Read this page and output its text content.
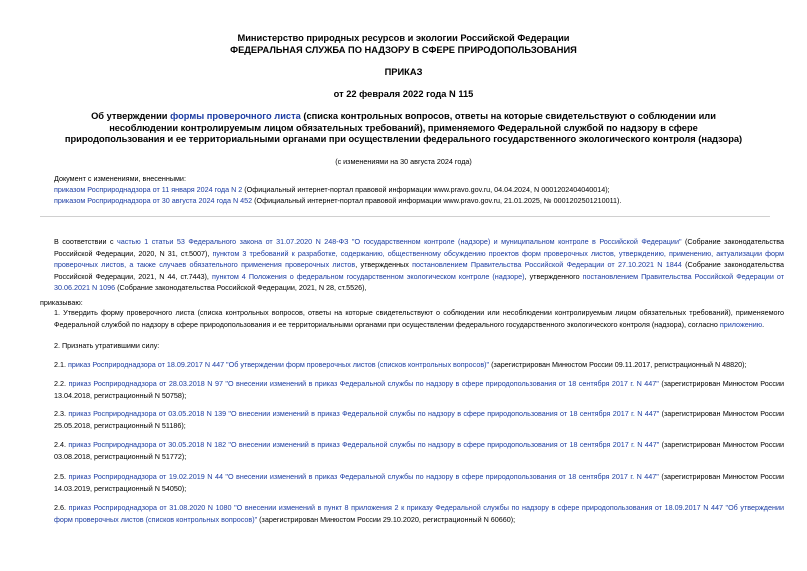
Министерство природных ресурсов и экологии Российской Федерации
ФЕДЕРАЛЬНАЯ СЛУЖБА ПО НАДЗОРУ В СФЕРЕ ПРИРОДОПОЛЬЗОВАНИЯ
ПРИКАЗ
от 22 февраля 2022 года N 115
Об утверждении формы проверочного листа (списка контрольных вопросов, ответы на которые свидетельствуют о соблюдении или несоблюдении контролируемым лицом обязательных требований), применяемого Федеральной службой по надзору в сфере природопользования и ее территориальными органами при осуществлении федерального государственного экологического контроля (надзора)
(с изменениями на 30 августа 2024 года)
Документ с изменениями, внесенными:
приказом Росприроднадзора от 11 января 2024 года N 2 (Официальный интернет-портал правовой информации www.pravo.gov.ru, 04.04.2024, N 0001202404040014);
приказом Росприроднадзора от 30 августа 2024 года N 452 (Официальный интернет-портал правовой информации www.pravo.gov.ru, 21.01.2025, № 0001202501210011).
В соответствии с частью 1 статьи 53 Федерального закона от 31.07.2020 N 248-ФЗ "О государственном контроле (надзоре) и муниципальном контроле в Российской Федерации" (Собрание законодательства Российской Федерации, 2020, N 31, ст.5007), пунктом 3 требований к разработке, содержанию, общественному обсуждению проектов форм проверочных листов, утверждению, применению, актуализации форм проверочных листов, а также случаев обязательного применения проверочных листов, утвержденных постановлением Правительства Российской Федерации от 27.10.2021 N 1844 (Собрание законодательства Российской Федерации, 2021, N 44, ст.7443), пунктом 4 Положения о федеральном государственном экологическом контроле (надзоре), утвержденного постановлением Правительства Российской Федерации от 30.06.2021 N 1096 (Собрание законодательства Российской Федерации, 2021, N 28, ст.5526),
приказываю:
1. Утвердить форму проверочного листа (списка контрольных вопросов, ответы на которые свидетельствуют о соблюдении или несоблюдении контролируемым лицом обязательных требований), применяемого Федеральной службой по надзору в сфере природопользования и ее территориальными органами при осуществлении федерального государственного экологического контроля (надзора), согласно приложению.
2. Признать утратившими силу:
2.1. приказ Росприроднадзора от 18.09.2017 N 447 "Об утверждении форм проверочных листов (списков контрольных вопросов)" (зарегистрирован Минюстом России 09.11.2017, регистрационный N 48820);
2.2. приказ Росприроднадзора от 28.03.2018 N 97 "О внесении изменений в приказ Федеральной службы по надзору в сфере природопользования от 18 сентября 2017 г. N 447" (зарегистрирован Минюстом России 13.04.2018, регистрационный N 50758);
2.3. приказ Росприроднадзора от 03.05.2018 N 139 "О внесении изменений в приказ Федеральной службы по надзору в сфере природопользования от 18 сентября 2017 г. N 447" (зарегистрирован Минюстом России 25.05.2018, регистрационный N 51186);
2.4. приказ Росприроднадзора от 30.05.2018 N 182 "О внесении изменений в приказ Федеральной службы по надзору в сфере природопользования от 18 сентября 2017 г. N 447" (зарегистрирован Минюстом России 03.08.2018, регистрационный N 51772);
2.5. приказ Росприроднадзора от 19.02.2019 N 44 "О внесении изменений в приказ Федеральной службы по надзору в сфере природопользования от 18 сентября 2017 г. N 447" (зарегистрирован Минюстом России 14.03.2019, регистрационный N 54050);
2.6. приказ Росприроднадзора от 31.08.2020 N 1080 "О внесении изменений в пункт 8 приложения 2 к приказу Федеральной службы по надзору в сфере природопользования от 18.09.2017 N 447 "Об утверждении форм проверочных листов (списков контрольных вопросов)" (зарегистрирован Минюстом России 29.10.2020, регистрационный N 60660);
